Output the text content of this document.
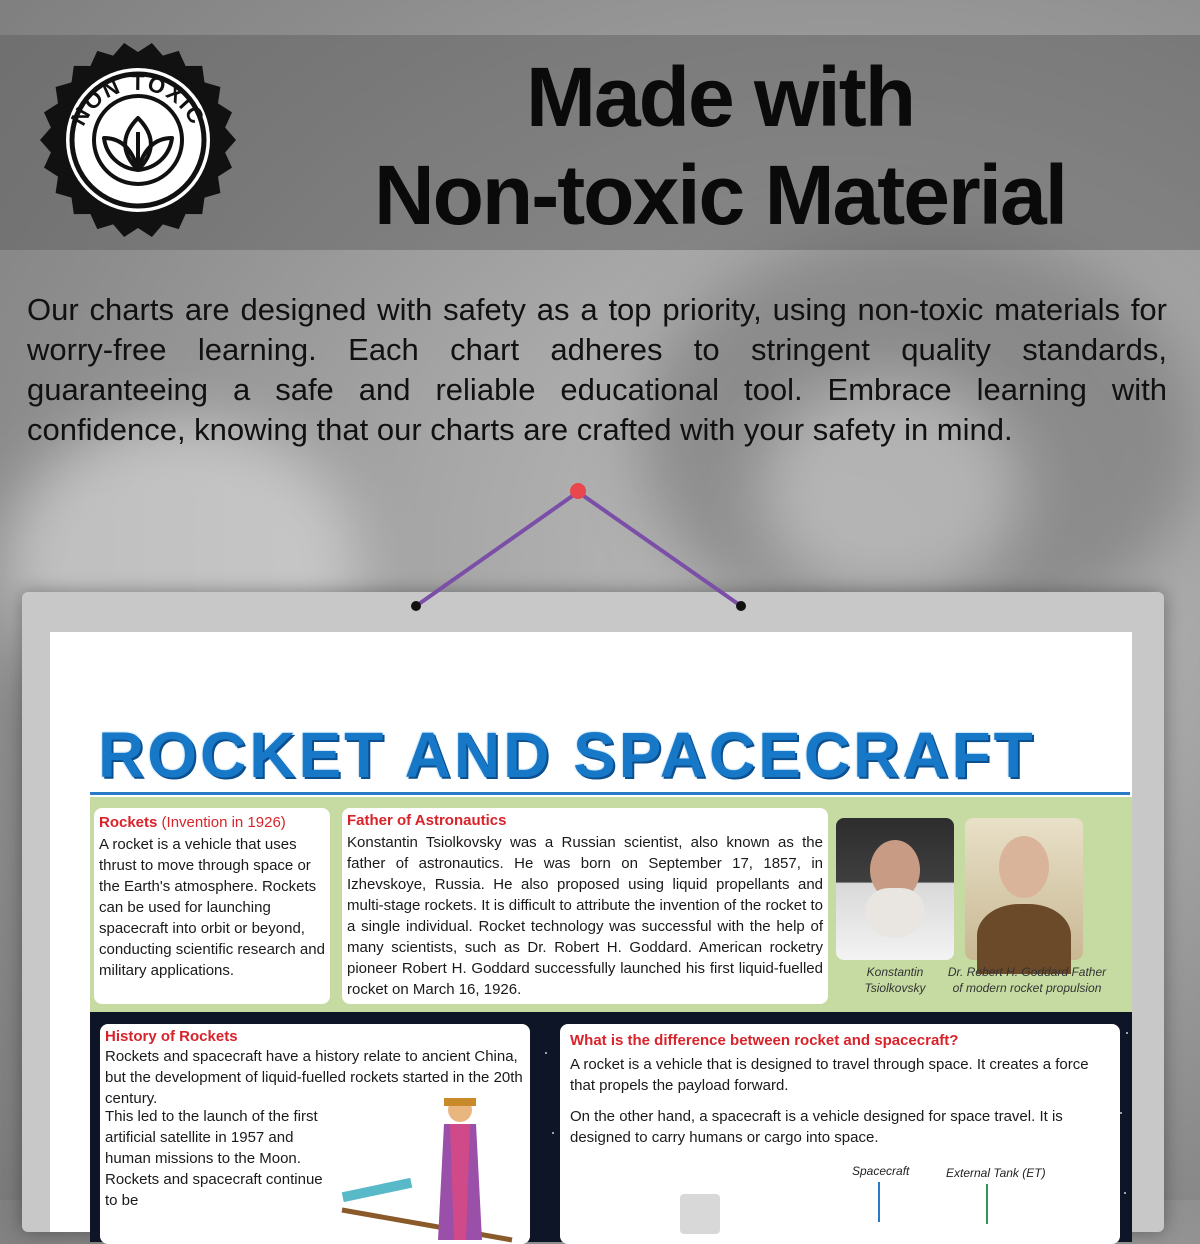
NON TOXIC	Made with
Non-toxic Material
Our charts are designed with safety as a top priority, using non-toxic materials for worry-free learning. Each chart adheres to stringent quality standards, guaranteeing a safe and reliable educational tool. Embrace learning with confidence, knowing that our charts are crafted with your safety in mind.
ROCKET AND SPACECRAFT
Rockets (Invention in 1926)
A rocket is a vehicle that uses thrust to move through space or the Earth's atmosphere. Rockets can be used for launching spacecraft into orbit or beyond, conducting scientific research and military applications.
Father of Astronautics
Konstantin Tsiolkovsky was a Russian scientist, also known as the father of astronautics. He was born on September 17, 1857, in Izhevskoye, Russia. He also proposed using liquid propellants and multi-stage rockets. It is difficult to attribute the invention of the rocket to a single individual. Rocket technology was successful with the help of many scientists, such as Dr. Robert H. Goddard. American rocketry pioneer Robert H. Goddard successfully launched his first liquid-fuelled rocket on March 16, 1926.
Konstantin Tsiolkovsky
Dr. Robert H. Goddard Father of modern rocket propulsion
History of Rockets
Rockets and spacecraft have a history relate to ancient China, but the development of liquid-fuelled rockets started in the 20th century.
This led to the launch of the first artificial satellite in 1957 and human missions to the Moon. Rockets and spacecraft continue to be
What is the difference between rocket and spacecraft?
A rocket is a vehicle that is designed to travel through space. It creates a force that propels the payload forward.
On the other hand, a spacecraft is a vehicle designed for space travel. It is designed to carry humans or cargo into space.
Spacecraft	External Tank (ET)
